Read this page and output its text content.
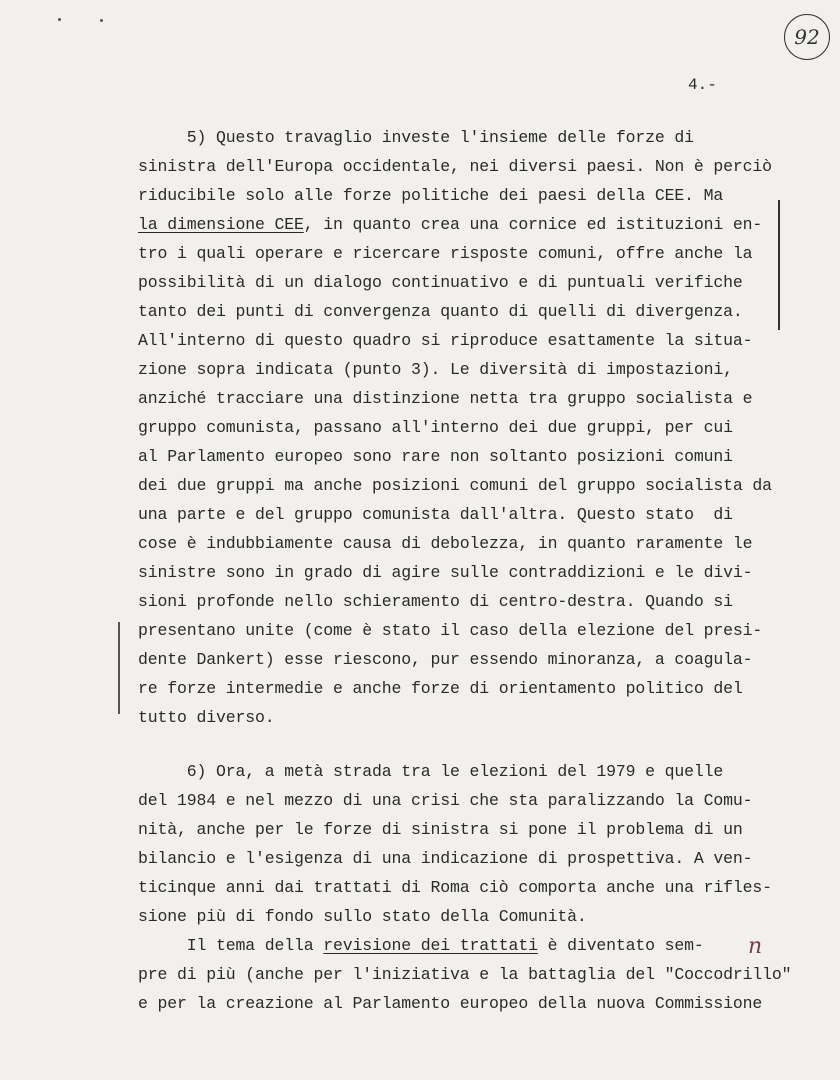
92
4.-
5) Questo travaglio investe l'insieme delle forze di
sinistra dell'Europa occidentale, nei diversi paesi. Non è perciò
riducibile solo alle forze politiche dei paesi della CEE. Ma
la dimensione CEE, in quanto crea una cornice ed istituzioni en-
tro i quali operare e ricercare risposte comuni, offre anche la
possibilità di un dialogo continuativo e di puntuali verifiche
tanto dei punti di convergenza quanto di quelli di divergenza.
All'interno di questo quadro si riproduce esattamente la situa-
zione sopra indicata (punto 3). Le diversità di impostazioni,
anziché tracciare una distinzione netta tra gruppo socialista e
gruppo comunista, passano all'interno dei due gruppi, per cui
al Parlamento europeo sono rare non soltanto posizioni comuni
dei due gruppi ma anche posizioni comuni del gruppo socialista da
una parte e del gruppo comunista dall'altra. Questo stato  di
cose è indubbiamente causa di debolezza, in quanto raramente le
sinistre sono in grado di agire sulle contraddizioni e le divi-
sioni profonde nello schieramento di centro-destra. Quando si
presentano unite (come è stato il caso della elezione del presi-
dente Dankert) esse riescono, pur essendo minoranza, a coagula-
re forze intermedie e anche forze di orientamento politico del
tutto diverso.
6) Ora, a metà strada tra le elezioni del 1979 e quelle
del 1984 e nel mezzo di una crisi che sta paralizzando la Comu-
nità, anche per le forze di sinistra si pone il problema di un
bilancio e l'esigenza di una indicazione di prospettiva. A ven-
ticinque anni dai trattati di Roma ciò comporta anche una rifles-
sione più di fondo sullo stato della Comunità.
Il tema della revisione dei trattati è diventato sem-
pre di più (anche per l'iniziativa e la battaglia del "Coccodrillo"
e per la creazione al Parlamento europeo della nuova Commissione
n
